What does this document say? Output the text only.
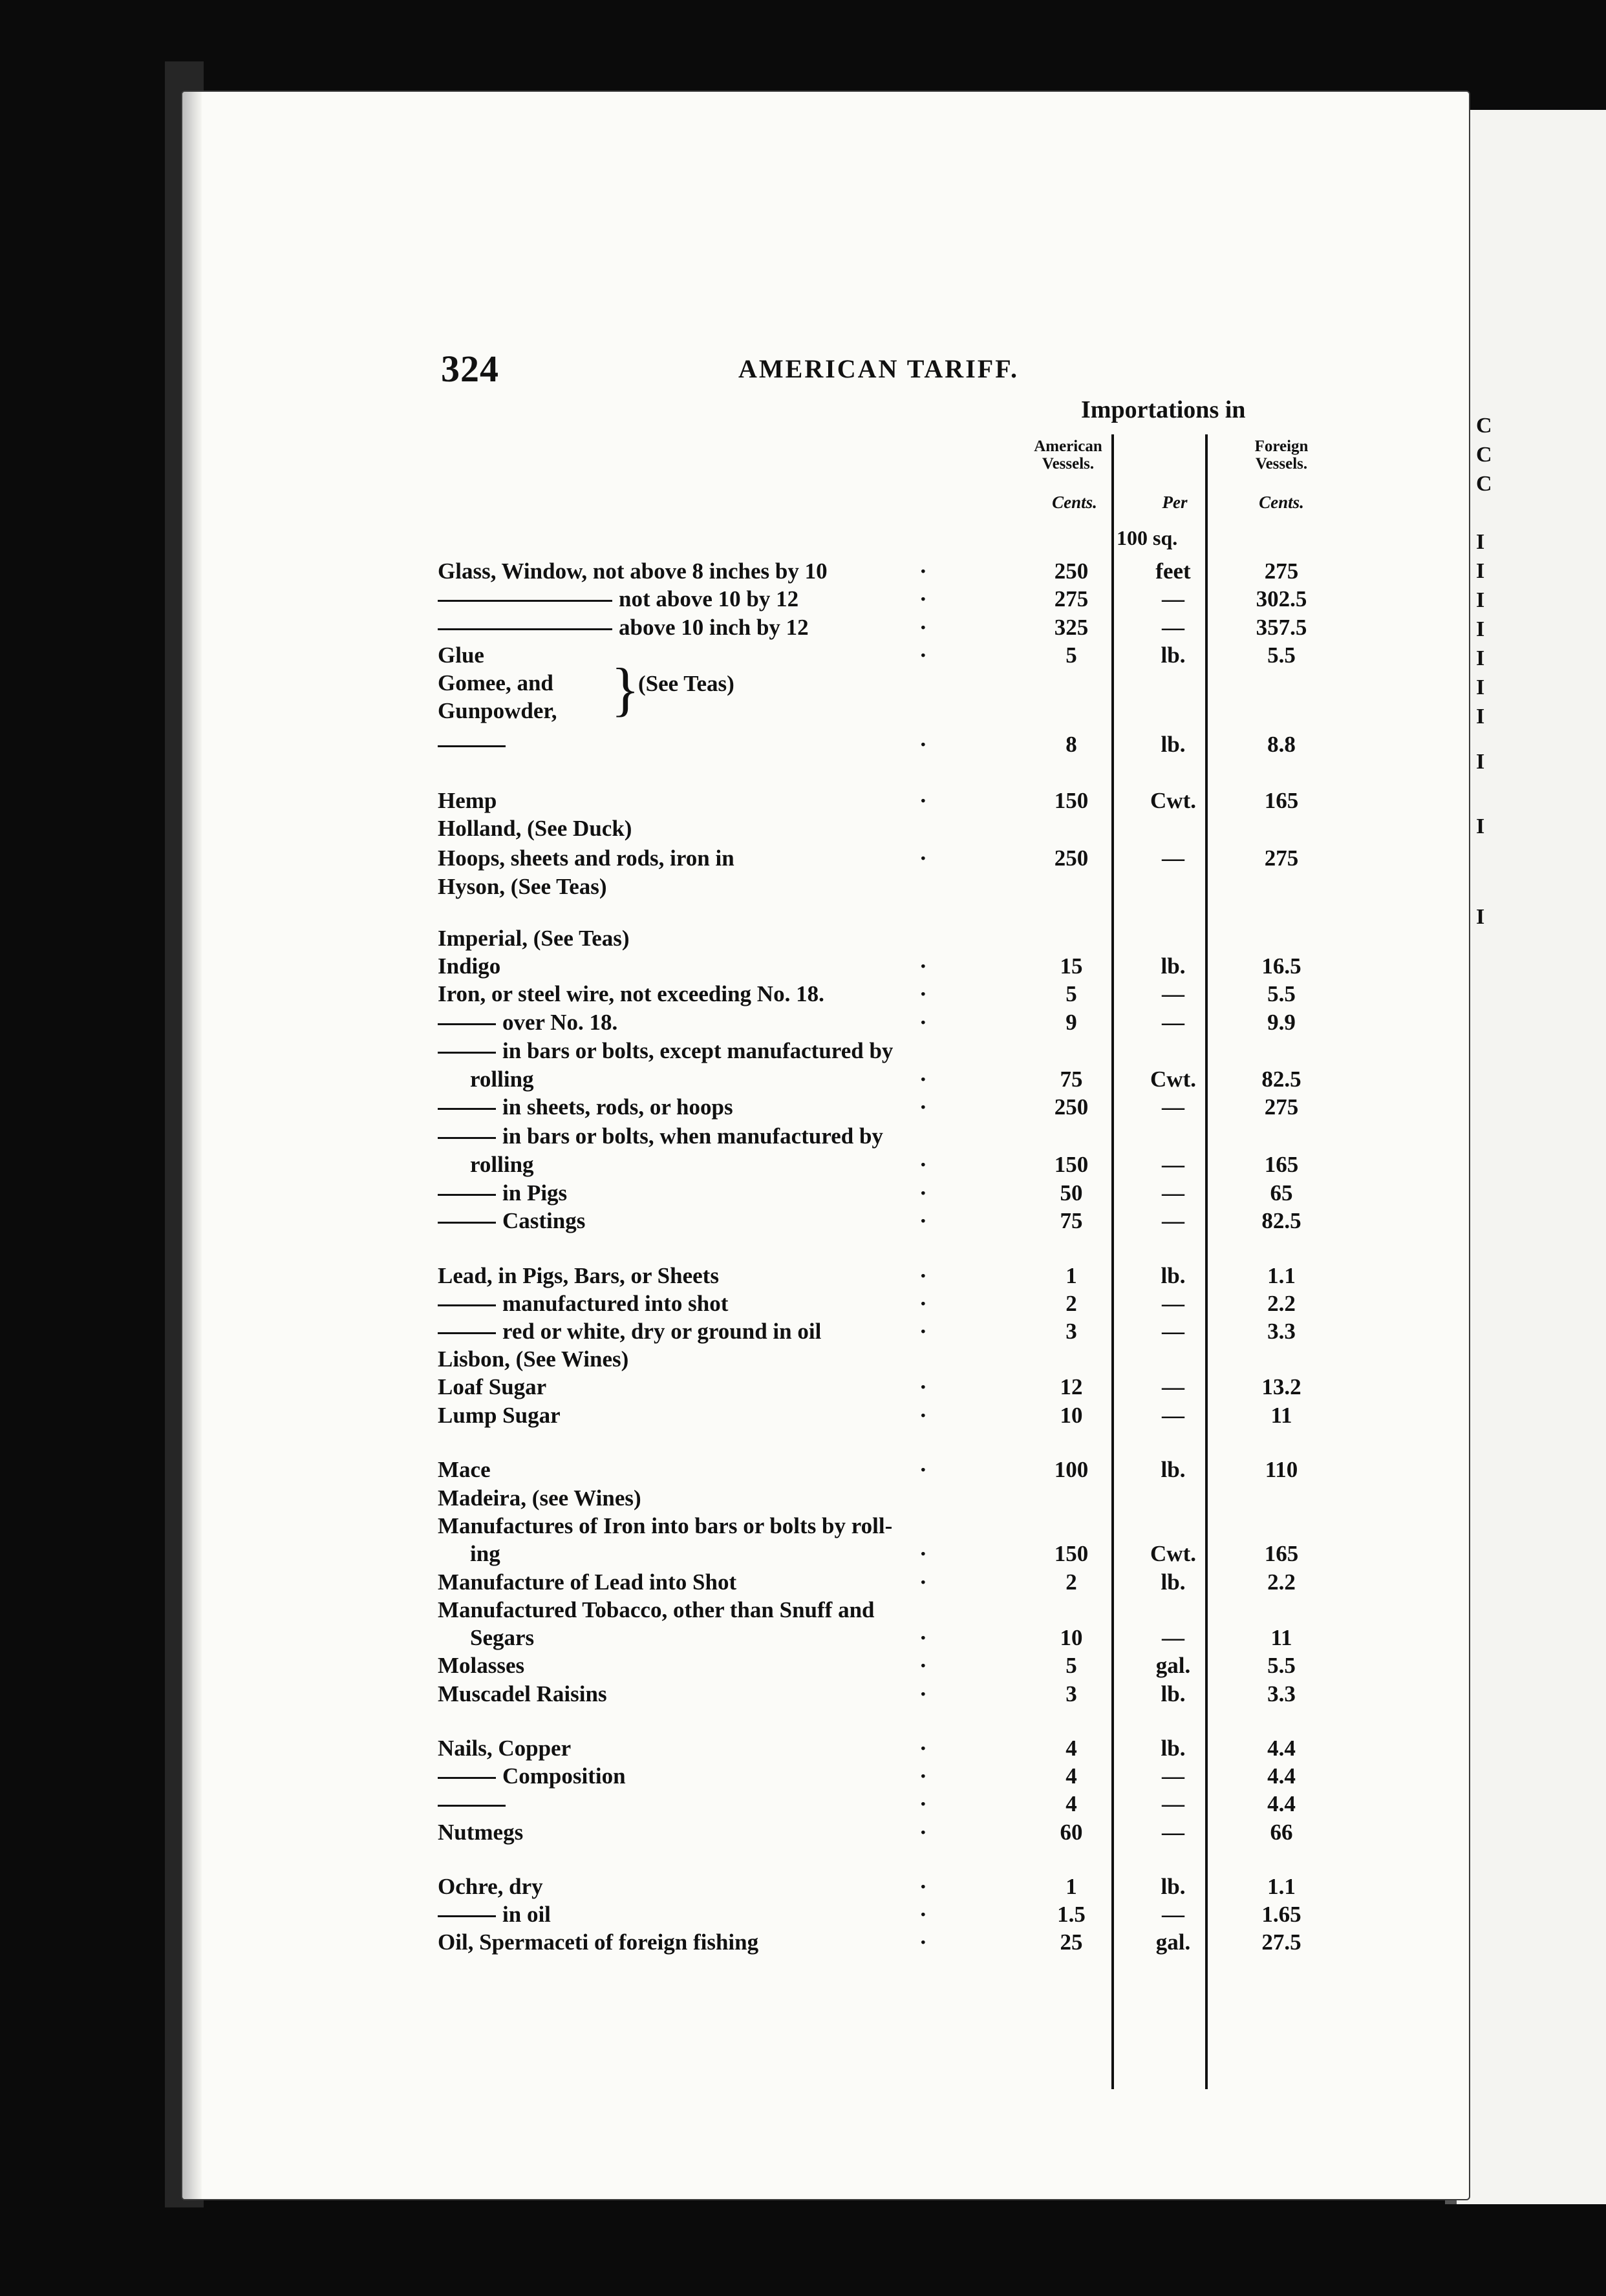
C
C
C
I
I
I
I
I
I
I
I
I
I
324	AMERICAN TARIFF.
Importations in
American Vessels.
Foreign Vessels.
Cents.	Per	Cents.
100 sq.
}
(See Teas)
Glass, Window, not above 8 inches by 10	·	250	feet	275
not above 10 by 12	·	275	—	302.5
above 10 inch by 12	·	325	—	357.5
Glue	·	5	lb.	5.5
Gomee, and
Gunpowder,
·	8	lb.	8.8
Hemp	·	150	Cwt.	165
Holland, (See Duck)
Hoops, sheets and rods, iron in	·	250	—	275
Hyson, (See Teas)
Imperial, (See Teas)
Indigo	·	15	lb.	16.5
Iron, or steel wire, not exceeding No. 18.	·	5	—	5.5
over No. 18.	·	9	—	9.9
in bars or bolts, except manufactured by
rolling	·	75	Cwt.	82.5
in sheets, rods, or hoops	·	250	—	275
in bars or bolts, when manufactured by
rolling	·	150	—	165
in Pigs	·	50	—	65
Castings	·	75	—	82.5
Lead, in Pigs, Bars, or Sheets	·	1	lb.	1.1
manufactured into shot	·	2	—	2.2
red or white, dry or ground in oil	·	3	—	3.3
Lisbon, (See Wines)
Loaf Sugar	·	12	—	13.2
Lump Sugar	·	10	—	11
Mace	·	100	lb.	110
Madeira, (see Wines)
Manufactures of Iron into bars or bolts by roll-
ing	·	150	Cwt.	165
Manufacture of Lead into Shot	·	2	lb.	2.2
Manufactured Tobacco, other than Snuff and
Segars	·	10	—	11
Molasses	·	5	gal.	5.5
Muscadel Raisins	·	3	lb.	3.3
Nails, Copper	·	4	lb.	4.4
Composition	·	4	—	4.4
·	4	—	4.4
Nutmegs	·	60	—	66
Ochre, dry	·	1	lb.	1.1
in oil	·	1.5	—	1.65
Oil, Spermaceti of foreign fishing	·	25	gal.	27.5
